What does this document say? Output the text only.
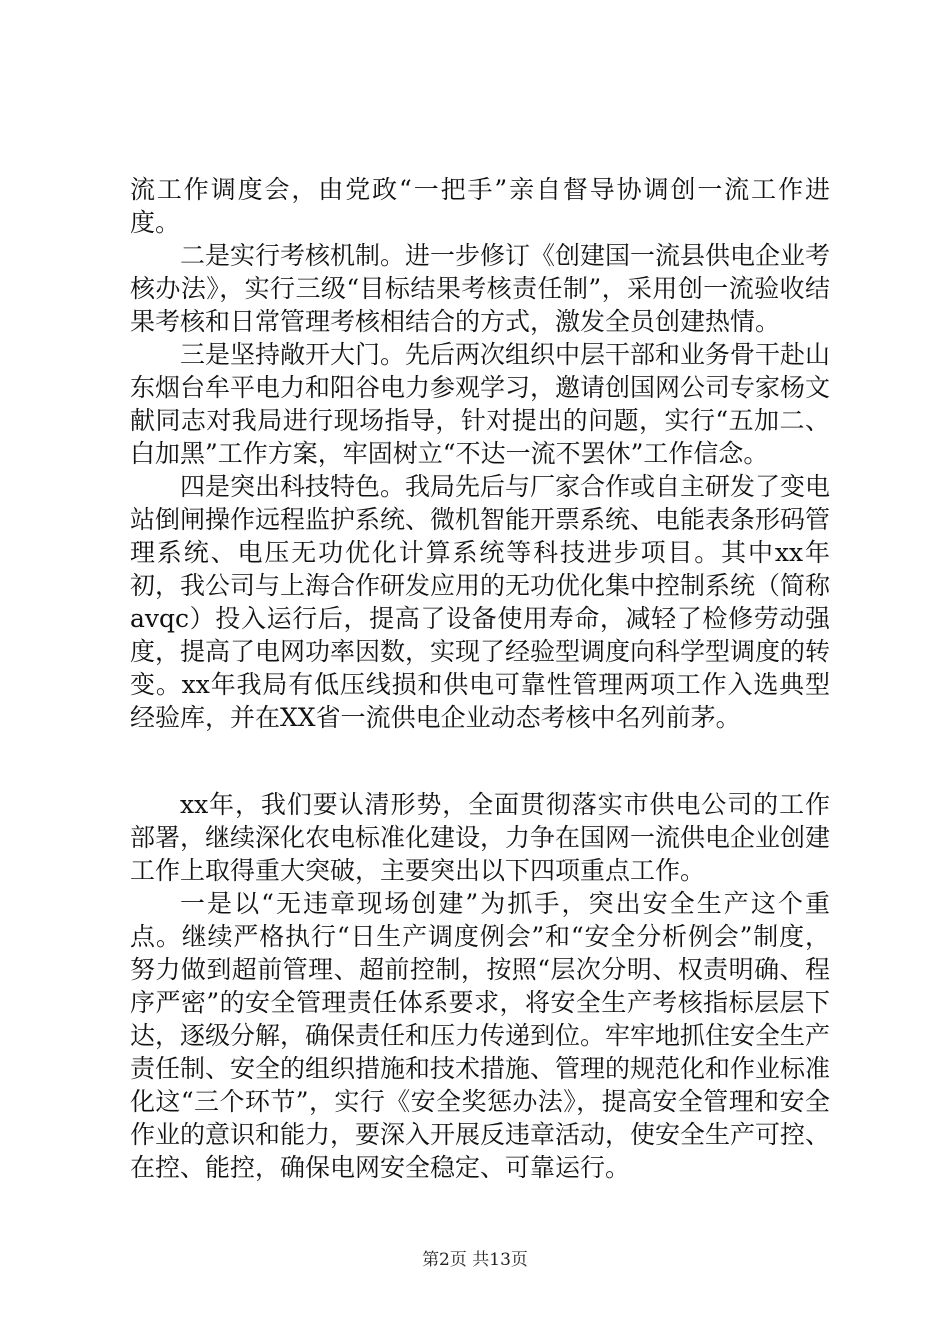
流工作调度会，由党政“一把手”亲自督导协调创一流工作进度。

二是实行考核机制。进一步修订《创建国一流县供电企业考核办法》，实行三级“目标结果考核责任制”，采用创一流验收结果考核和日常管理考核相结合的方式，激发全员创建热情。

三是坚持敞开大门。先后两次组织中层干部和业务骨干赴山东烟台牟平电力和阳谷电力参观学习，邀请创国网公司专家杨文献同志对我局进行现场指导，针对提出的问题，实行“五加二、白加黑”工作方案，牢固树立“不达一流不罢休”工作信念。

四是突出科技特色。我局先后与厂家合作或自主研发了变电站倒闸操作远程监护系统、微机智能开票系统、电能表条形码管理系统、电压无功优化计算系统等科技进步项目。其中xx年初，我公司与上海合作研发应用的无功优化集中控制系统（简称avqc）投入运行后，提高了设备使用寿命，减轻了检修劳动强度，提高了电网功率因数，实现了经验型调度向科学型调度的转变。xx年我局有低压线损和供电可靠性管理两项工作入选典型经验库，并在XX省一流供电企业动态考核中名列前茅。

xx年，我们要认清形势，全面贯彻落实市供电公司的工作部署，继续深化农电标准化建设，力争在国网一流供电企业创建工作上取得重大突破，主要突出以下四项重点工作。

一是以“无违章现场创建”为抓手，突出安全生产这个重点。继续严格执行“日生产调度例会”和“安全分析例会”制度，努力做到超前管理、超前控制，按照“层次分明、权责明确、程序严密”的安全管理责任体系要求，将安全生产考核指标层层下达，逐级分解，确保责任和压力传递到位。牢牢地抓住安全生产责任制、安全的组织措施和技术措施、管理的规范化和作业标准化这“三个环节”，实行《安全奖惩办法》，提高安全管理和安全作业的意识和能力，要深入开展反违章活动，使安全生产可控、在控、能控，确保电网安全稳定、可靠运行。

第2页 共13页
